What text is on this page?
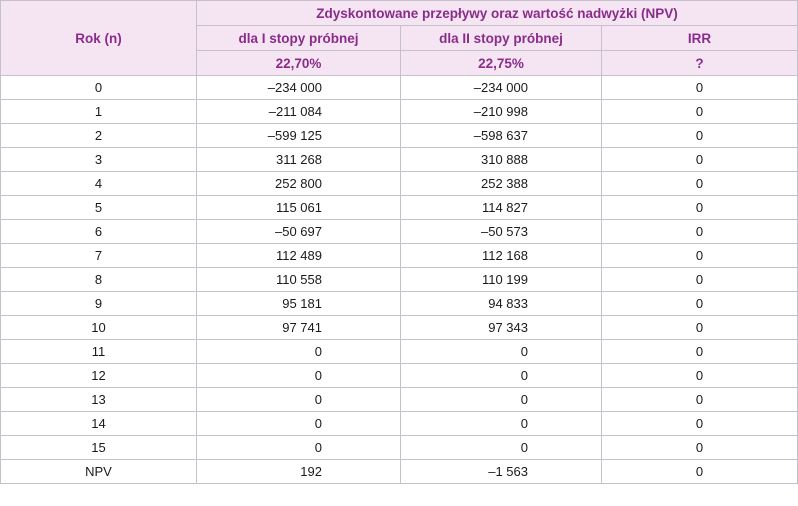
Rok (n)	Zdyskontowane przepływy oraz wartość nadwyżki (NPV)		
	dla I stopy próbnej	dla II stopy próbnej	IRR
	22,70%	22,75%	?
0	–234 000	–234 000	0
1	–211 084	–210 998	0
2	–599 125	–598 637	0
3	311 268	310 888	0
4	252 800	252 388	0
5	115 061	114 827	0
6	–50 697	–50 573	0
7	112 489	112 168	0
8	110 558	110 199	0
9	95 181	94 833	0
10	97 741	97 343	0
11	0	0	0
12	0	0	0
13	0	0	0
14	0	0	0
15	0	0	0
NPV	192	–1 563	0
